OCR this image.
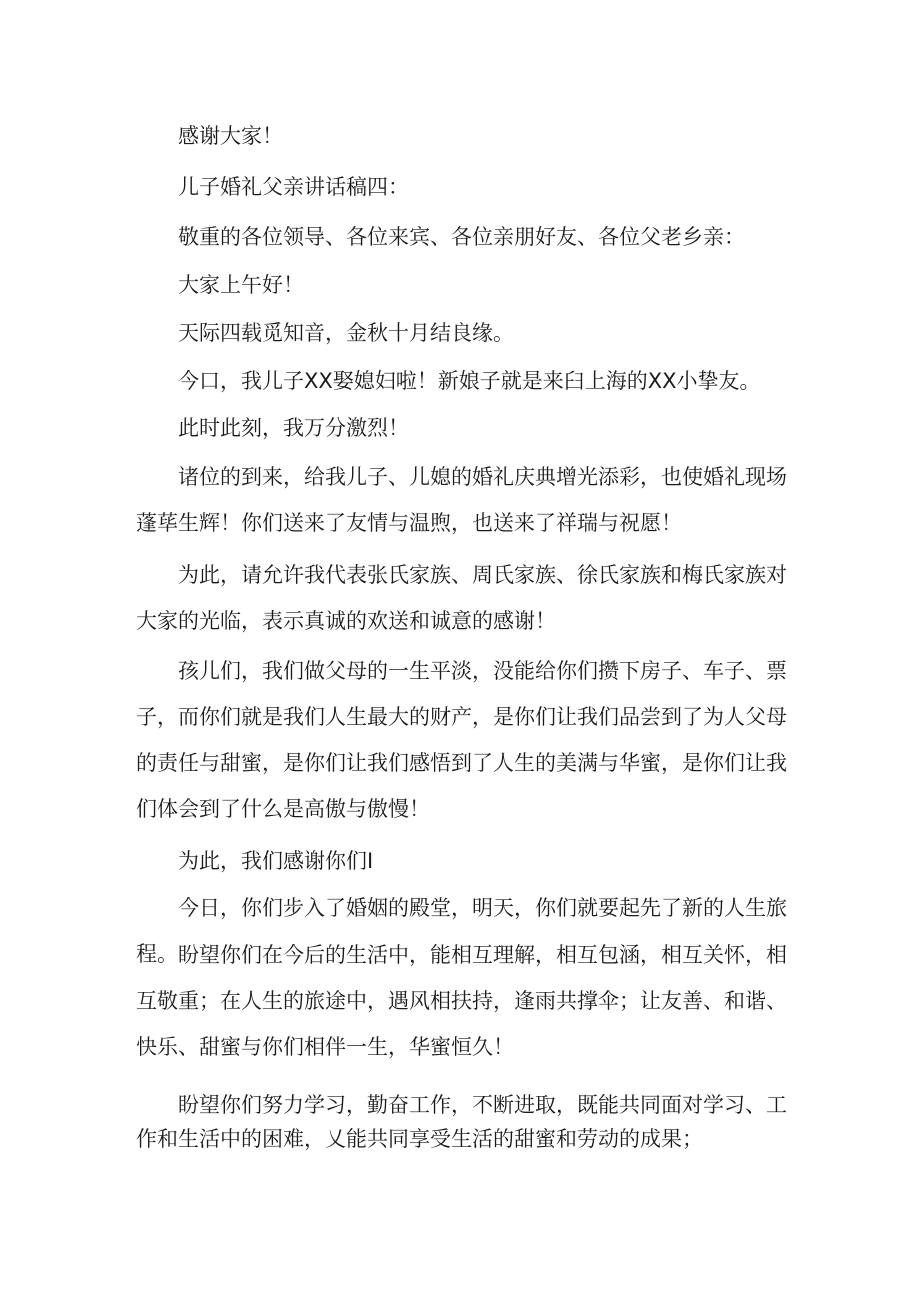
感谢大家！

儿子婚礼父亲讲话稿四：

敬重的各位领导、各位来宾、各位亲朋好友、各位父老乡亲：

大家上午好！

天际四载觅知音，金秋十月结良缘。

今口，我儿子XX娶媳妇啦！新娘子就是来臼上海的XX小挚友。

此时此刻，我万分激烈！

诸位的到来，给我儿子、儿媳的婚礼庆典增光添彩，也使婚礼现场蓬荜生辉！你们送来了友情与温煦，也送来了祥瑞与祝愿！

为此，请允许我代表张氏家族、周氏家族、徐氏家族和梅氏家族对大家的光临，表示真诚的欢送和诚意的感谢！

孩儿们，我们做父母的一生平淡，没能给你们攒下房子、车子、票子，而你们就是我们人生最大的财产，是你们让我们品尝到了为人父母的责任与甜蜜，是你们让我们感悟到了人生的美满与华蜜，是你们让我们体会到了什么是高傲与傲慢！

为此，我们感谢你们I

今日，你们步入了婚姻的殿堂，明天，你们就要起先了新的人生旅程。 盼望你们在今后的生活中，能相互理解，相互包涵，相互关怀，相互敬重；在人生的旅途中，遇风相扶持，逢雨共撑伞；让友善、和谐、快乐、甜蜜与你们相伴一生，华蜜恒久！

盼望你们努力学习，勤奋工作，不断进取，既能共同面对学习、工作和生活中的困难，乂能共同享受生活的甜蜜和劳动的成果；
